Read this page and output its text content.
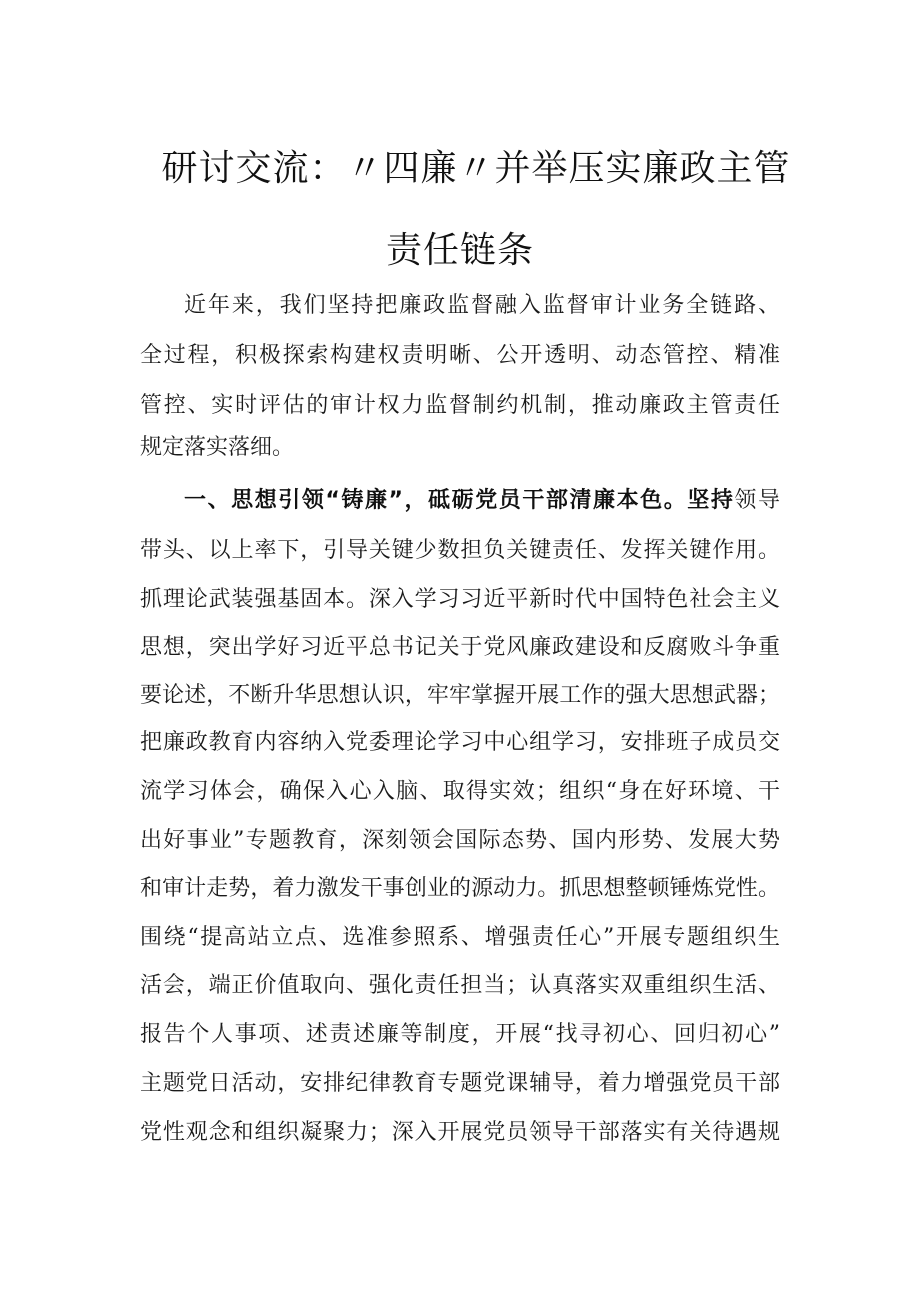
研讨交流：〃四廉〃并举压实廉政主管
责任链条
近年来，我们坚持把廉政监督融入监督审计业务全链路、
全过程，积极探索构建权责明晰、公开透明、动态管控、精准
管控、实时评估的审计权力监督制约机制，推动廉政主管责任
规定落实落细。
一、思想引领“铸廉”，砥砺党员干部清廉本色。坚持领导
带头、以上率下，引导关键少数担负关键责任、发挥关键作用。
抓理论武装强基固本。深入学习习近平新时代中国特色社会主义
思想，突出学好习近平总书记关于党风廉政建设和反腐败斗争重
要论述，不断升华思想认识，牢牢掌握开展工作的强大思想武器；
把廉政教育内容纳入党委理论学习中心组学习，安排班子成员交
流学习体会，确保入心入脑、取得实效；组织“身在好环境、干
出好事业”专题教育，深刻领会国际态势、国内形势、发展大势
和审计走势，着力激发干事创业的源动力。抓思想整顿锤炼党性。
围绕“提高站立点、选准参照系、增强责任心”开展专题组织生
活会，端正价值取向、强化责任担当；认真落实双重组织生活、
报告个人事项、述责述廉等制度，开展“找寻初心、回归初心”
主题党日活动，安排纪律教育专题党课辅导，着力增强党员干部
党性观念和组织凝聚力；深入开展党员领导干部落实有关待遇规
